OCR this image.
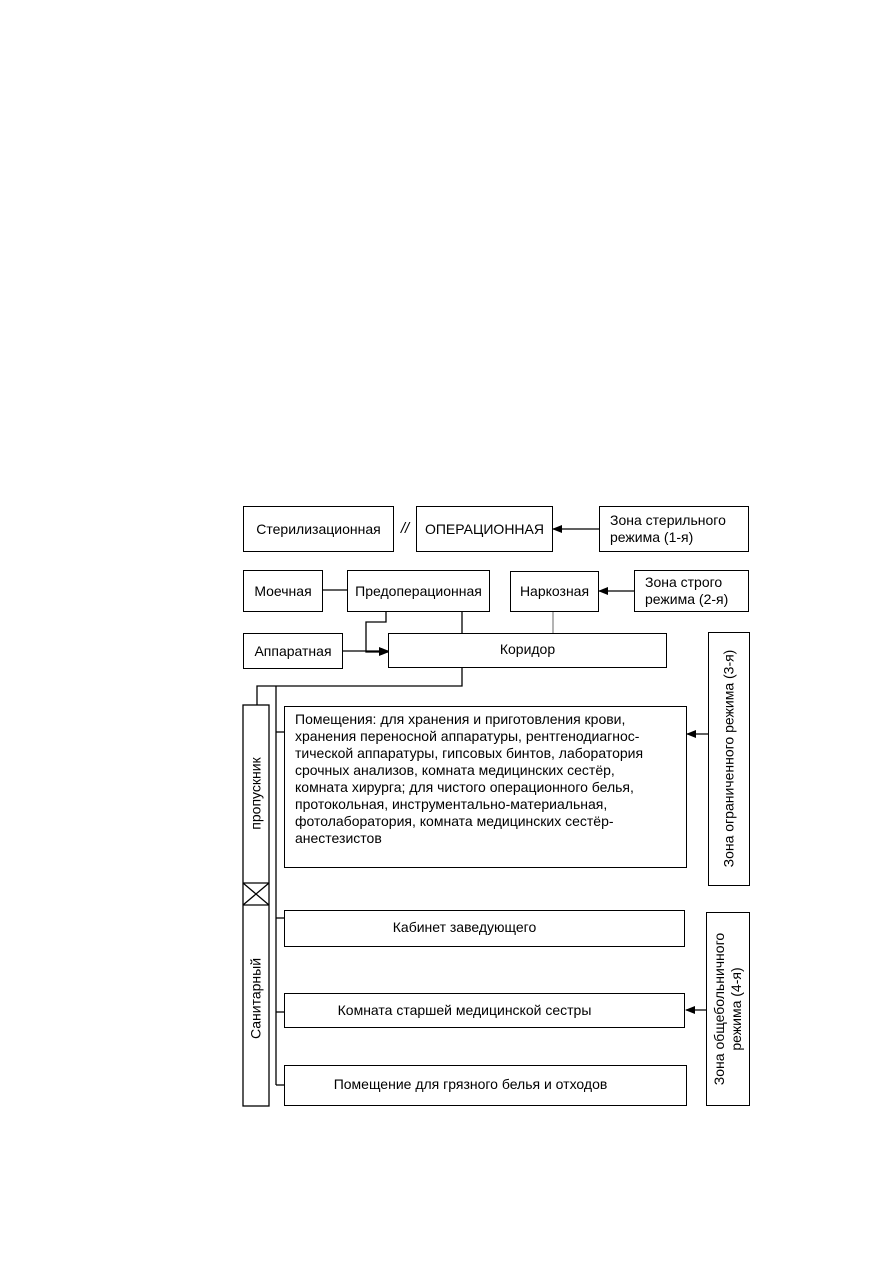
Стерилизационная	//	ОПЕРАЦИОННАЯ
Зона стерильного
режима (1-я)
Моечная	Предоперационная	Наркозная
Зона строго
режима (2-я)
Аппаратная	Коридор
Помещения: для хранения и приготовления крови,
хранения переносной аппаратуры, рентгенодиагнос-
тической аппаратуры, гипсовых бинтов, лаборатория
срочных анализов, комната медицинских сестёр,
комната хирурга; для чистого операционного белья,
протокольная, инструментально-материальная,
фотолаборатория, комната медицинских сестёр-
анестезистов	Зона ограниченного режима (3-я)
пропускник
Санитарный
Кабинет заведующего
Комната старшей медицинской сестры
Помещение для грязного белья и отходов	Зона общебольничного
режима (4-я)
